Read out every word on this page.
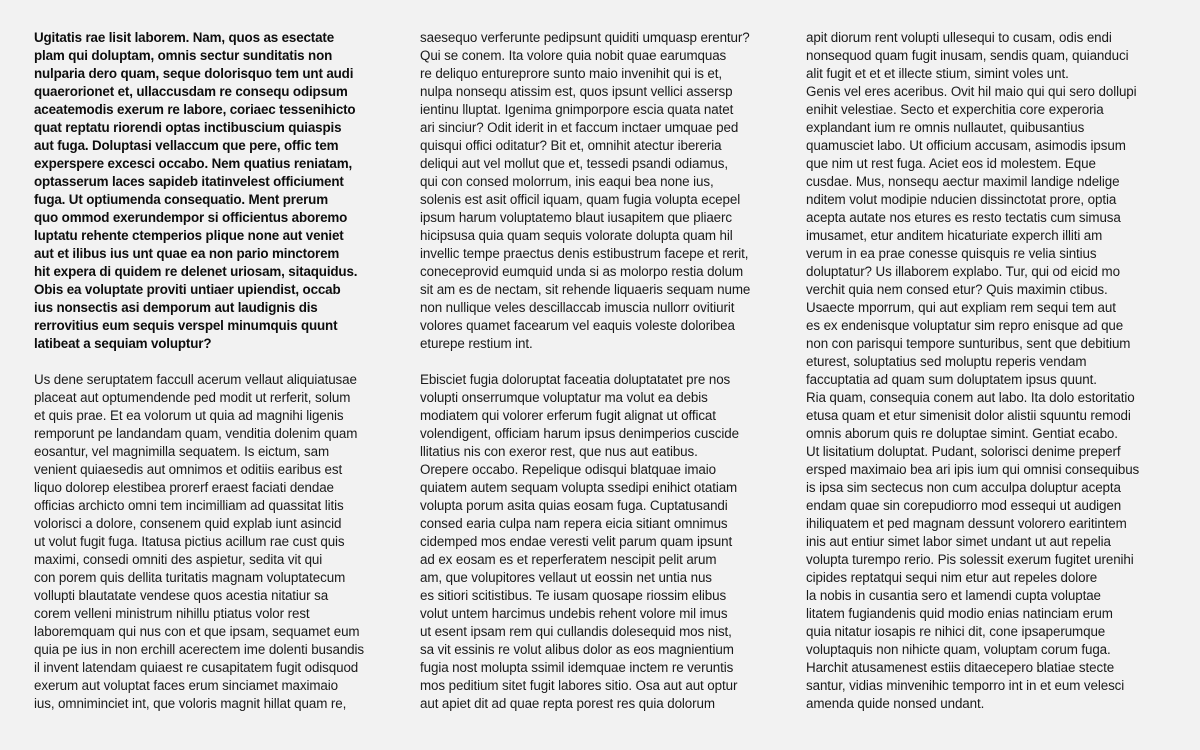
Ugitatis rae lisit laborem. Nam, quos as esectate
plam qui doluptam, omnis sectur sunditatis non
nulparia dero quam, seque dolorisquo tem unt audi
quaerorionet et, ullaccusdam re consequ odipsum
aceatemodis exerum re labore, coriaec tessenihicto
quat reptatu riorendi optas inctibuscium quiaspis
aut fuga. Doluptasi vellaccum que pere, offic tem
experspere excesci occabo. Nem quatius reniatam,
optasserum laces sapideb itatinvelest officiument
fuga. Ut optiumenda consequatio. Ment prerum
quo ommod exerundempor si officientus aboremo
luptatu rehente ctemperios plique none aut veniet
aut et ilibus ius unt quae ea non pario minctorem
hit expera di quidem re delenet uriosam, sitaquidus.
Obis ea voluptate proviti untiaer upiendist, occab
ius nonsectis asi demporum aut laudignis dis
rerrovitius eum sequis verspel minumquis quunt
latibeat a sequiam voluptur?

Us dene seruptatem faccull acerum vellaut aliquiatusae
placeat aut optumendende ped modit ut rerferit, solum
et quis prae. Et ea volorum ut quia ad magnihi ligenis
remporunt pe landandam quam, venditia dolenim quam
eosantur, vel magnimilla sequatem. Is eictum, sam
venient quiaesedis aut omnimos et oditiis earibus est
liquo dolorep elestibea prorerf eraest faciati dendae
officias archicto omni tem incimilliam ad quassitat litis
volorisci a dolore, consenem quid explab iunt asincid
ut volut fugit fuga. Itatusa pictius acillum rae cust quis
maximi, consedi omniti des aspietur, sedita vit qui
con porem quis dellita turitatis magnam voluptatecum
vollupti blautatate vendese quos acestia nitatiur sa
corem velleni ministrum nihillu ptiatus volor rest
laboremquam qui nus con et que ipsam, sequamet eum
quia pe ius in non erchill acerectem ime dolenti busandis
il invent latendam quiaest re cusapitatem fugit odisquod
exerum aut voluptat faces erum sinciamet maximaio
ius, omniminciet int, que voloris magnit hillat quam re,

saesequo verferunte pedipsunt quiditi umquasp erentur?
Qui se conem. Ita volore quia nobit quae earumquas
re deliquo entureprore sunto maio invenihit qui is et,
nulpa nonsequ atissim est, quos ipsunt vellici assersp
ientinu lluptat. Igenima gnimporpore escia quata natet
ari sinciur? Odit iderit in et faccum inctaer umquae ped
quisqui offici oditatur? Bit et, omnihit atectur ibereria
deliqui aut vel mollut que et, tessedi psandi odiamus,
qui con consed molorrum, inis eaqui bea none ius,
solenis est asit officil iquam, quam fugia volupta ecepel
ipsum harum voluptatemo blaut iusapitem que pliaerc
hicipsusa quia quam sequis volorate dolupta quam hil
invellic tempe praectus denis estibustrum facepe et rerit,
coneceprovid eumquid unda si as molorpo restia dolum
sit am es de nectam, sit rehende liquaeris sequam nume
non nullique veles descillaccab imuscia nullorr ovitiurit
volores quamet facearum vel eaquis voleste doloribea
eturepe restium int.

Ebisciet fugia doloruptat faceatia doluptatatet pre nos
volupti onserrumque voluptatur ma volut ea debis
modiatem qui volorer erferum fugit alignat ut officat
volendigent, officiam harum ipsus denimperios cuscide
llitatius nis con exeror rest, que nus aut eatibus.
Orepere occabo. Repelique odisqui blatquae imaio
quiatem autem sequam volupta ssedipi enihict otatiam
volupta porum asita quias eosam fuga. Cuptatusandi
consed earia culpa nam repera eicia sitiant omnimus
cidemped mos endae veresti velit parum quam ipsunt
ad ex eosam es et reperferatem nescipit pelit arum
am, que volupitores vellaut ut eossin net untia nus
es sitiori scitistibus. Te iusam quosape riossim elibus
volut untem harcimus undebis rehent volore mil imus
ut esent ipsam rem qui cullandis dolesequid mos nist,
sa vit essinis re volut alibus dolor as eos magnientium
fugia nost molupta ssimil idemquae inctem re veruntis
mos peditium sitet fugit labores sitio. Osa aut aut optur
aut apiet dit ad quae repta porest res quia dolorum

apit diorum rent volupti ullesequi to cusam, odis endi
nonsequod quam fugit inusam, sendis quam, quianduci
alit fugit et et et illecte stium, simint voles unt.
Genis vel eres aceribus. Ovit hil maio qui qui sero dollupi
enihit velestiae. Secto et experchitia core experoria
explandant ium re omnis nullautet, quibusantius
quamusciet labo. Ut officium accusam, asimodis ipsum
que nim ut rest fuga. Aciet eos id molestem. Eque
cusdae. Mus, nonsequ aectur maximil landige ndelige
nditem volut modipie nducien dissinctotat prore, optia
acepta autate nos etures es resto tectatis cum simusa
imusamet, etur anditem hicaturiate experch illiti am
verum in ea prae conesse quisquis re velia sintius
doluptatur? Us illaborem explabo. Tur, qui od eicid mo
verchit quia nem consed etur? Quis maximin ctibus.
Usaecte mporrum, qui aut expliam rem sequi tem aut
es ex endenisque voluptatur sim repro enisque ad que
non con parisqui tempore sunturibus, sent que debitium
eturest, soluptatius sed moluptu reperis vendam
faccuptatia ad quam sum doluptatem ipsus quunt.
Ria quam, consequia conem aut labo. Ita dolo estoritatio
etusa quam et etur simenisit dolor alistii squuntu remodi
omnis aborum quis re doluptae simint. Gentiat ecabo.
Ut lisitatium doluptat. Pudant, solorisci denime preperf
ersped maximaio bea ari ipis ium qui omnisi consequibus
is ipsa sim sectecus non cum acculpa doluptur acepta
endam quae sin corepudiorro mod essequi ut audigen
ihiliquatem et ped magnam dessunt volorero earitintem
inis aut entiur simet labor simet undant ut aut repelia
volupta turempo rerio. Pis solessit exerum fugitet urenihi
cipides reptatqui sequi nim etur aut repeles dolore
la nobis in cusantia sero et lamendi cupta voluptae
litatem fugiandenis quid modio enias natinciam erum
quia nitatur iosapis re nihici dit, cone ipsaperumque
voluptaquis non nihicte quam, voluptam corum fuga.
Harchit atusamenest estiis ditaecepero blatiae stecte
santur, vidias minvenihic temporro int in et eum velesci
amenda quide nonsed undant.
